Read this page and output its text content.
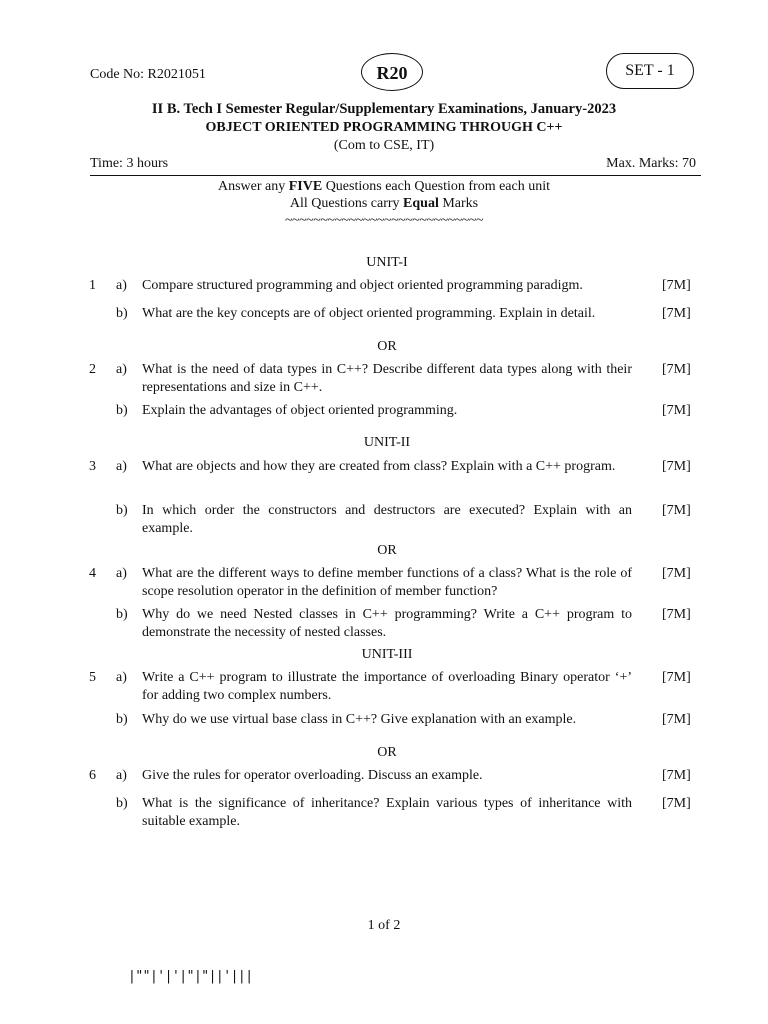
Code No: R2021051	R20	SET - 1
II B. Tech I Semester Regular/Supplementary Examinations, January-2023
OBJECT ORIENTED PROGRAMMING THROUGH C++
(Com to CSE, IT)
Time: 3 hours	Max. Marks: 70
Answer any FIVE Questions each Question from each unit
All Questions carry Equal Marks
~~~~~~~~~~~~~~~~~~~~~~~~~~~~
UNIT-I
1 a) Compare structured programming and object oriented programming paradigm.	[7M]
b) What are the key concepts are of object oriented programming. Explain in detail.	[7M]
OR
2 a) What is the need of data types in C++? Describe different data types along with their representations and size in C++.
[7M]
b) Explain the advantages of object oriented programming.	[7M]
UNIT-II
3 a) What are objects and how they are created from class? Explain with a C++ program.	[7M]
b) In which order the constructors and destructors are executed? Explain with an example.
[7M]
OR
4 a) What are the different ways to define member functions of a class? What is the role of scope resolution operator in the definition of member function?
[7M]
b) Why do we need Nested classes in C++ programming? Write a C++ program to demonstrate the necessity of nested classes.
[7M]
UNIT-III
5 a) Write a C++ program to illustrate the importance of overloading Binary operator ‘+’ for adding two complex numbers.
[7M]
b) Why do we use virtual base class in C++? Give explanation with an example.	[7M]
OR
6 a) Give the rules for operator overloading. Discuss an example.	[7M]
b) What is the significance of inheritance? Explain various types of inheritance with suitable example.
[7M]
1 of 2
|""|'|'|"|"||'|||
